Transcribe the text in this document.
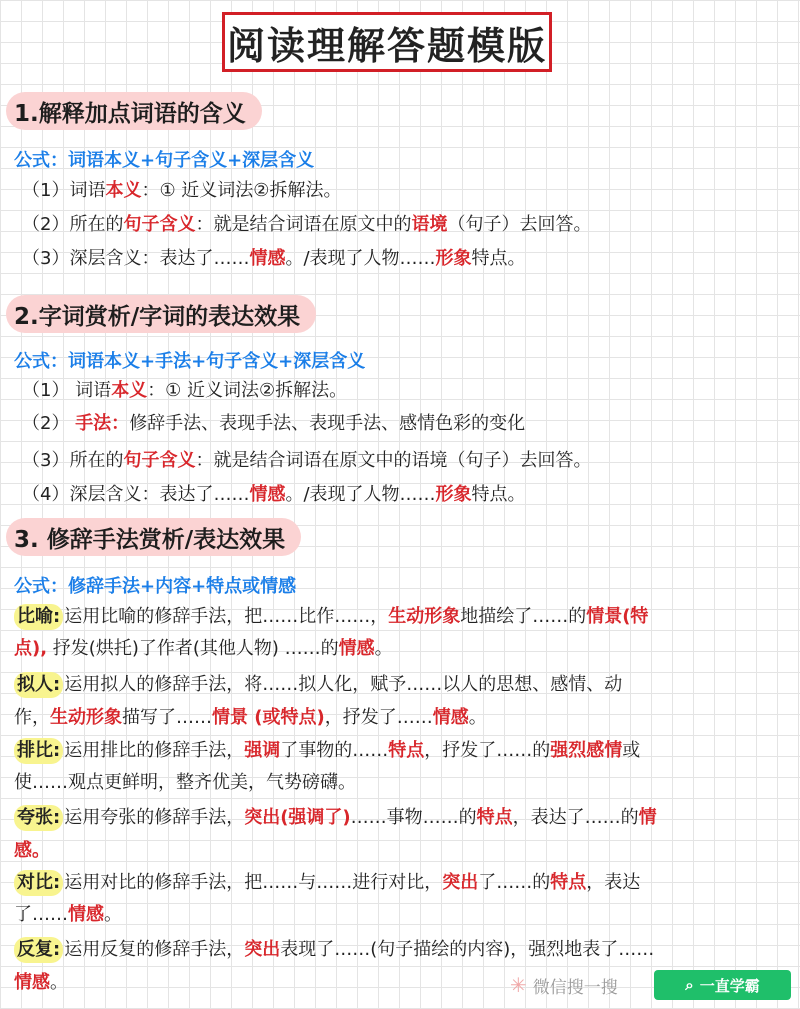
阅读理解答题模版
1.解释加点词语的含义
公式：词语本义+句子含义+深层含义
（1）词语本义：① 近义词法②拆解法。
（2）所在的句子含义：就是结合词语在原文中的语境（句子）去回答。
（3）深层含义：表达了……情感。/表现了人物……形象特点。
2.字词赏析/字词的表达效果
公式：词语本义+手法+句子含义+深层含义
（1） 词语本义：① 近义词法②拆解法。
（2） 手法：修辞手法、表现手法、表现手法、感情色彩的变化
（3）所在的句子含义：就是结合词语在原文中的语境（句子）去回答。
（4）深层含义：表达了……情感。/表现了人物……形象特点。
3. 修辞手法赏析/表达效果
公式：修辞手法+内容+特点或情感
比喻: 运用比喻的修辞手法，把……比作……，生动形象地描绘了……的情景(特
点), 抒发(烘托)了作者(其他人物) ……的情感。
拟人: 运用拟人的修辞手法，将……拟人化，赋予……以人的思想、感情、动
作，生动形象描写了……情景 (或特点)，抒发了……情感。
排比: 运用排比的修辞手法，强调了事物的……特点，抒发了……的强烈感情或
使……观点更鲜明，整齐优美，气势磅礴。
夸张: 运用夸张的修辞手法，突出(强调了)……事物……的特点，表达了……的情
感。
对比: 运用对比的修辞手法，把……与……进行对比，突出了……的特点，表达
了……情感。
反复: 运用反复的修辞手法，突出表现了……(句子描绘的内容)，强烈地表了……
情感。	✳ 微信搜一搜	⌕ 一直学霸
